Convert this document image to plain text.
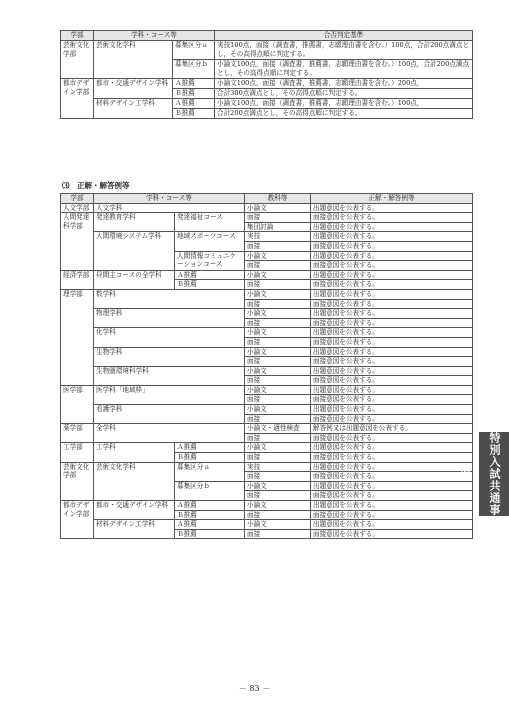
学部	学科・コース等		合否判定基準
芸術文化学部	芸術文化学科	募集区分ａ	実技100点，面接（調査書，推薦書，志願理由書を含む。）100点，合計200点満点とし，その高得点順に判定する。
		募集区分ｂ	小論文100点，面接（調査書，推薦書，志願理由書を含む。）100点，合計200点満点とし，その高得点順に判定する。
都市デザイン学部	都市・交通デザイン学科	Ａ推薦	小論文100点，面接（調査書，推薦書，志願理由書を含む。）200点，
		Ｂ推薦	合計300点満点とし，その高得点順に判定する。
	材料デザイン工学科	Ａ推薦	小論文100点，面接（調査書，推薦書，志願理由書を含む。）100点，
		Ｂ推薦	合計200点満点とし，その高得点順に判定する。
⑶　正解・解答例等
学部	学科・コース等		教科等	正解・解答例等
人文学部	人文学科		小論文	出題意図を公表する。
人間発達科学部	発達教育学科	発達福祉コース	面接	面接意図を公表する。
			集団討論	出題意図を公表する。
	人間環境システム学科	地域スポーツコース	実技	出題意図を公表する。
			面接	面接意図を公表する。
		人間情報コミュニケーションコース	小論文	出題意図を公表する。
			面接	面接意図を公表する。
経済学部	昼間主コースの全学科	Ａ推薦	小論文	出題意図を公表する。
		Ｂ推薦	面接	面接意図を公表する。
理学部	数学科		小論文	出題意図を公表する。
			面接	面接意図を公表する。
	物理学科		小論文	出題意図を公表する。
			面接	面接意図を公表する。
	化学科		小論文	出題意図を公表する。
			面接	面接意図を公表する。
	生物学科		小論文	出題意図を公表する。
			面接	面接意図を公表する。
	生物圏環境科学科		小論文	出題意図を公表する。
			面接	面接意図を公表する。
医学部	医学科「地域枠」		小論文	出題意図を公表する。
			面接	面接意図を公表する。
	看護学科		小論文	出題意図を公表する。
			面接	面接意図を公表する。
薬学部	全学科		小論文・適性検査	解答例又は出題意図を公表する。
			面接	面接意図を公表する。
工学部	工学科	Ａ推薦	小論文	出題意図を公表する。
		Ｂ推薦	面接	面接意図を公表する。
芸術文化学部	芸術文化学科	募集区分ａ	実技	出題意図を公表する。
			面接	面接意図を公表する。
		募集区分ｂ	小論文	出題意図を公表する。
			面接	面接意図を公表する。
都市デザイン学部	都市・交通デザイン学科	Ａ推薦	小論文	出題意図を公表する。
		Ｂ推薦	面接	面接意図を公表する。
	材料デザイン工学科	Ａ推薦	小論文	出題意図を公表する。
		Ｂ推薦	面接	面接意図を公表する。
特別入試共通事項
－ 83 －
